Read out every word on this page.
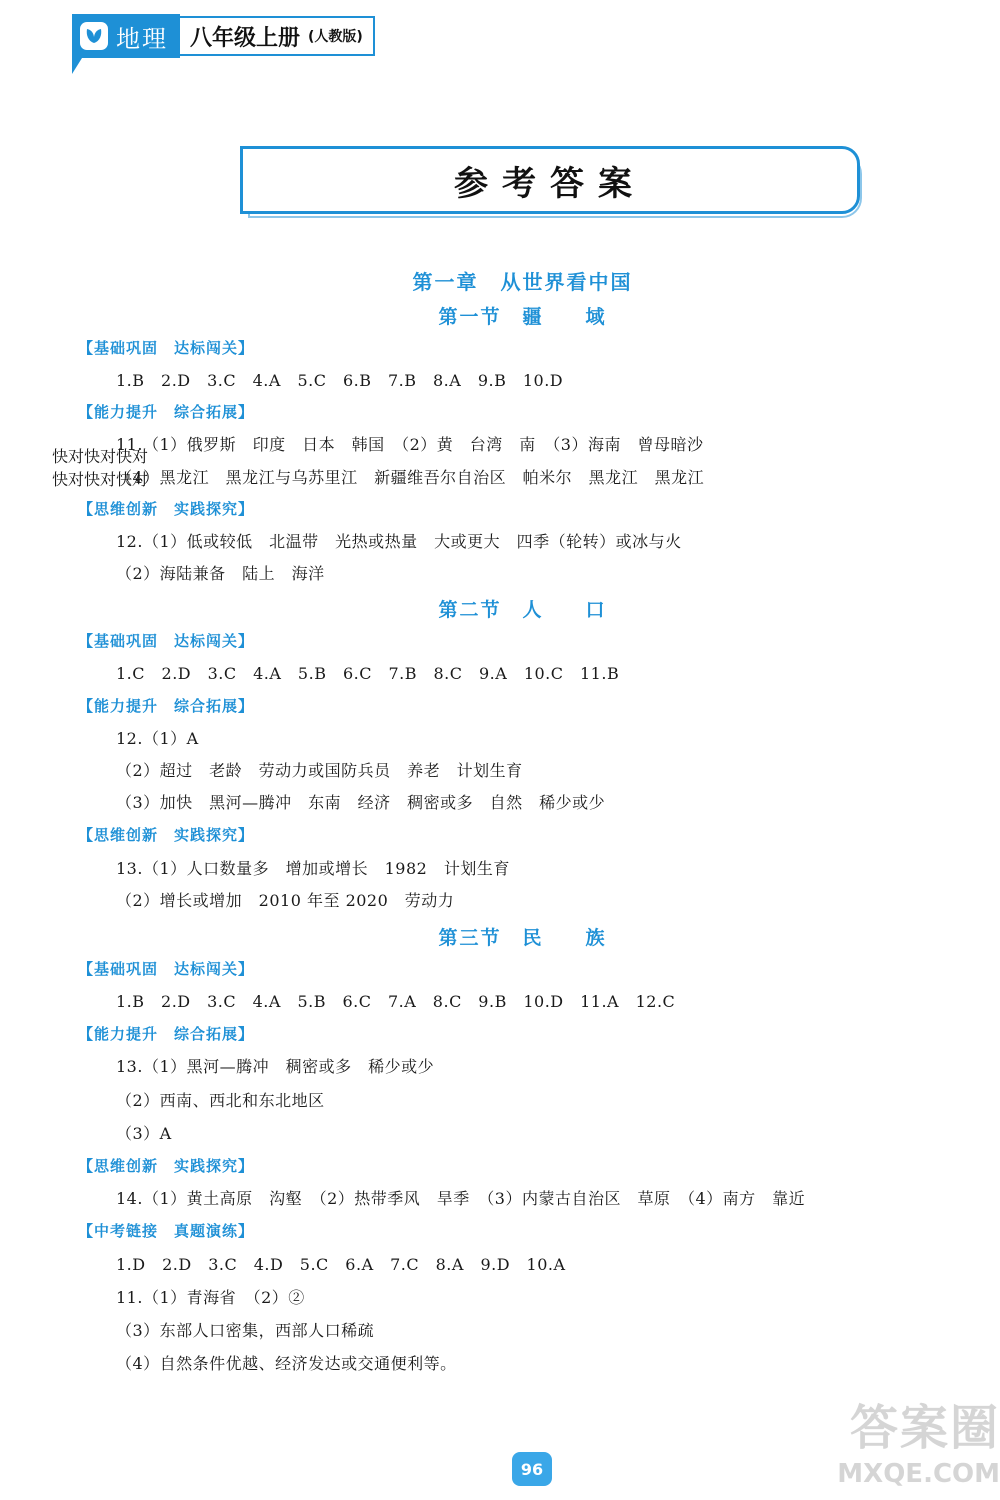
地理 八年级上册 (人教版)
参考答案
第一章　从世界看中国
第一节　疆　　域
【基础巩固　达标闯关】
1.B　2.D　3.C　4.A　5.C　6.B　7.B　8.A　9.B　10.D
【能力提升　综合拓展】
11.（1）俄罗斯　印度　日本　韩国　（2）黄　台湾　南　（3）海南　曾母暗沙
（4）黑龙江　黑龙江与乌苏里江　新疆维吾尔自治区　帕米尔　黑龙江　黑龙江
快对快对快对
快对快对快对
【思维创新　实践探究】
12.（1）低或较低　北温带　光热或热量　大或更大　四季（轮转）或冰与火
（2）海陆兼备　陆上　海洋
第二节　人　　口
【基础巩固　达标闯关】
1.C　2.D　3.C　4.A　5.B　6.C　7.B　8.C　9.A　10.C　11.B
【能力提升　综合拓展】
12.（1）A
（2）超过　老龄　劳动力或国防兵员　养老　计划生育
（3）加快　黑河—腾冲　东南　经济　稠密或多　自然　稀少或少
【思维创新　实践探究】
13.（1）人口数量多　增加或增长　1982　计划生育
（2）增长或增加　2010 年至 2020　劳动力
第三节　民　　族
【基础巩固　达标闯关】
1.B　2.D　3.C　4.A　5.B　6.C　7.A　8.C　9.B　10.D　11.A　12.C
【能力提升　综合拓展】
13.（1）黑河—腾冲　稠密或多　稀少或少
（2）西南、西北和东北地区
（3）A
【思维创新　实践探究】
14.（1）黄土高原　沟壑　（2）热带季风　旱季　（3）内蒙古自治区　草原　（4）南方　靠近
【中考链接　真题演练】
1.D　2.D　3.C　4.D　5.C　6.A　7.C　8.A　9.D　10.A
11.（1）青海省　（2）②
（3）东部人口密集，西部人口稀疏
（4）自然条件优越、经济发达或交通便利等。
96
答案圈
MXQE.COM
